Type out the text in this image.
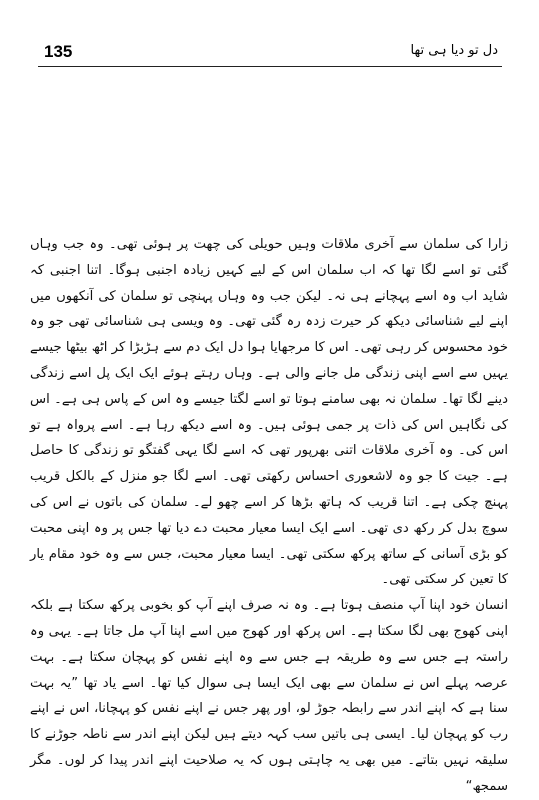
135	دل تو دیا ہی تھا

زارا کی سلمان سے آخری ملاقات وہیں حویلی کی چھت پر ہوئی تھی۔ وہ جب وہاں گئی تو اسے لگا تھا کہ اب سلمان اس کے لیے کہیں زیادہ اجنبی ہوگا۔ اتنا اجنبی کہ شاید اب وہ اسے پہچانے ہی نہ۔ لیکن جب وہ وہاں پہنچی تو سلمان کی آنکھوں میں اپنے لیے شناسائی دیکھ کر حیرت زدہ رہ گئی تھی۔ وہ ویسی ہی شناسائی تھی جو وہ خود محسوس کر رہی تھی۔ اس کا مرجھایا ہوا دل ایک دم سے ہڑبڑا کر اٹھ بیٹھا جیسے یہیں سے اسے اپنی زندگی مل جانے والی ہے۔ وہاں رہتے ہوئے ایک ایک پل اسے زندگی دینے لگا تھا۔ سلمان نہ بھی سامنے ہوتا تو اسے لگتا جیسے وہ اس کے پاس ہی ہے۔ اس کی نگاہیں اس کی ذات پر جمی ہوئی ہیں۔ وہ اسے دیکھ رہا ہے۔ اسے پرواہ ہے تو اس کی۔ وہ آخری ملاقات اتنی بھرپور تھی کہ اسے لگا یہی گفتگو تو زندگی کا حاصل ہے۔ جیت کا جو وہ لاشعوری احساس رکھتی تھی۔ اسے لگا جو منزل کے بالکل قریب پہنچ چکی ہے۔ اتنا قریب کہ ہاتھ بڑھا کر اسے چھو لے۔ سلمان کی باتوں نے اس کی سوچ بدل کر رکھ دی تھی۔ اسے ایک ایسا معیار محبت دے دیا تھا جس پر وہ اپنی محبت کو بڑی آسانی کے ساتھ پرکھ سکتی تھی۔ ایسا معیار محبت، جس سے وہ خود مقام یار کا تعین کر سکتی تھی۔

انسان خود اپنا آپ منصف ہوتا ہے۔ وہ نہ صرف اپنے آپ کو بخوبی پرکھ سکتا ہے بلکہ اپنی کھوج بھی لگا سکتا ہے۔ اس پرکھ اور کھوج میں اسے اپنا آپ مل جاتا ہے۔ یہی وہ راستہ ہے جس سے وہ طریقہ ہے جس سے وہ اپنے نفس کو پہچان سکتا ہے۔ بہت عرصہ پہلے اس نے سلمان سے بھی ایک ایسا ہی سوال کیا تھا۔ اسے یاد تھا ”یہ بہت سنا ہے کہ اپنے اندر سے رابطہ جوڑ لو، اور پھر جس نے اپنے نفس کو پہچانا، اس نے اپنے رب کو پہچان لیا۔ ایسی ہی باتیں سب کہہ دیتے ہیں لیکن اپنے اندر سے ناطہ جوڑنے کا سلیقہ نہیں بتاتے۔ میں بھی یہ چاہتی ہوں کہ یہ صلاحیت اپنے اندر پیدا کر لوں۔ مگر سمجھ“
